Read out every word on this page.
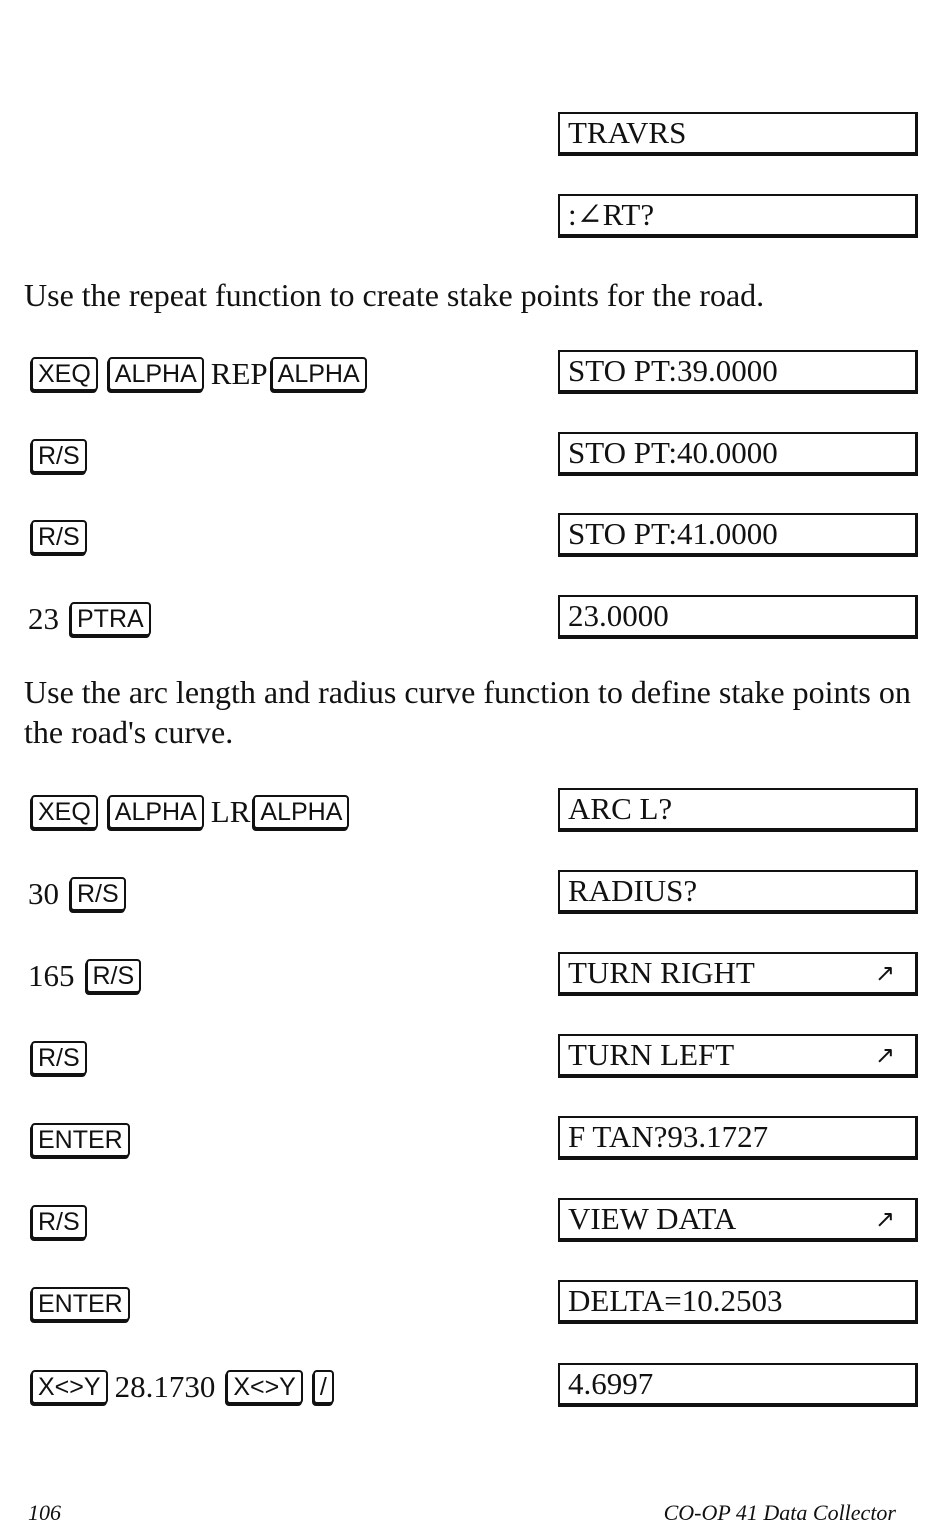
TRAVRS
:∠RT?

Use the repeat function to create stake points for the road.

XEQ ALPHA REP ALPHA	STO PT:39.0000
R/S	STO PT:40.0000
R/S	STO PT:41.0000
23 PTRA	23.0000

Use the arc length and radius curve function to define stake points on the road's curve.

XEQ ALPHA LR ALPHA	ARC L?
30 R/S	RADIUS?
165 R/S	TURN RIGHT	↗
R/S	TURN LEFT	↗
ENTER	F TAN?93.1727
R/S	VIEW DATA	↗
ENTER	DELTA=10.2503
X<>Y 28.1730 X<>Y /	4.6997
106	CO-OP 41 Data Collector
